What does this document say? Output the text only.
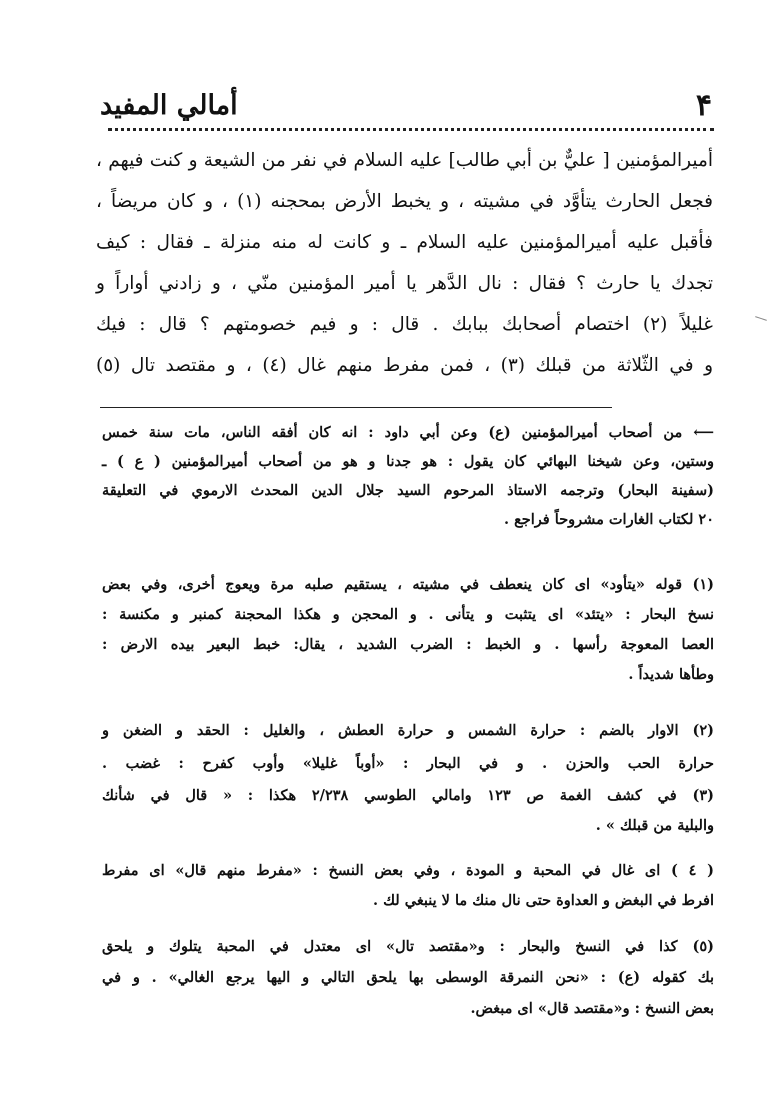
۴
أمالي المفيد

أميرالمؤمنين [ عليٌّ بن أبي طالب] عليه السلام في نفر من الشيعة و كنت فيهم ،

فجعل الحارث يتأوَّد في مشيته ، و يخبط الأرض بمحجنه (١) ، و كان مريضاً ،

فأقبل عليه أميرالمؤمنين عليه السلام ـ و كانت له منه منزلة ـ فقال : كيف

تجدك يا حارث ؟ فقال : نال الدَّهر يا أمير المؤمنين منّي ، و زادني أواراً و

غليلاً (٢) اختصام أصحابك ببابك . قال : و فيم خصومتهم ؟ قال : فيك

و في الثّلاثة من قبلك (٣) ، فمن مفرط منهم غال (٤) ، و مقتصد تال (٥)

⟵ من أصحاب أميرالمؤمنين (ع) وعن أبي داود : انه كان أفقه الناس، مات سنة خمس

وستين، وعن شيخنا البهائي كان يقول : هو جدنا و هو من أصحاب أميرالمؤمنين ( ع ) ـ

(سفينة البحار) وترجمه الاستاذ المرحوم السيد جلال الدين المحدث الارموي في التعليقة

٢٠ لكتاب الغارات مشروحاً فراجع .

(١) قوله «يتأود» اى كان ينعطف في مشيته ، يستقيم صلبه مرة ويعوج أخرى، وفي بعض

نسخ البحار : «يتئد» اى يتثبت و يتأنى . و المحجن و هكذا المحجنة كمنبر و مكنسة :

العصا المعوجة رأسها . و الخبط : الضرب الشديد ، يقال: خبط البعير بيده الارض :

وطأها شديداً .

(٢) الاوار بالضم : حرارة الشمس و حرارة العطش ، والغليل : الحقد و الضغن و

حرارة الحب والحزن . و في البحار : «أوباً غليلا» وأوب كفرح : غضب .

(٣) في كشف الغمة ص ١٢٣ وامالي الطوسي ٢/٢٣٨ هكذا : « قال في شأنك

والبلية من قبلك » .

( ٤ ) اى غال في المحبة و المودة ، وفي بعض النسخ : «مفرط منهم قال» اى مفرط

افرط في البغض و العداوة حتى نال منك ما لا ينبغي لك .

(٥) كذا في النسخ والبحار : و«مقتصد تال» اى معتدل في المحبة يتلوك و يلحق

بك كقوله (ع) : «نحن النمرقة الوسطى بها يلحق التالي و اليها يرجع الغالي» . و في

بعض النسخ : و«مقتصد قال» اى مبغض.
